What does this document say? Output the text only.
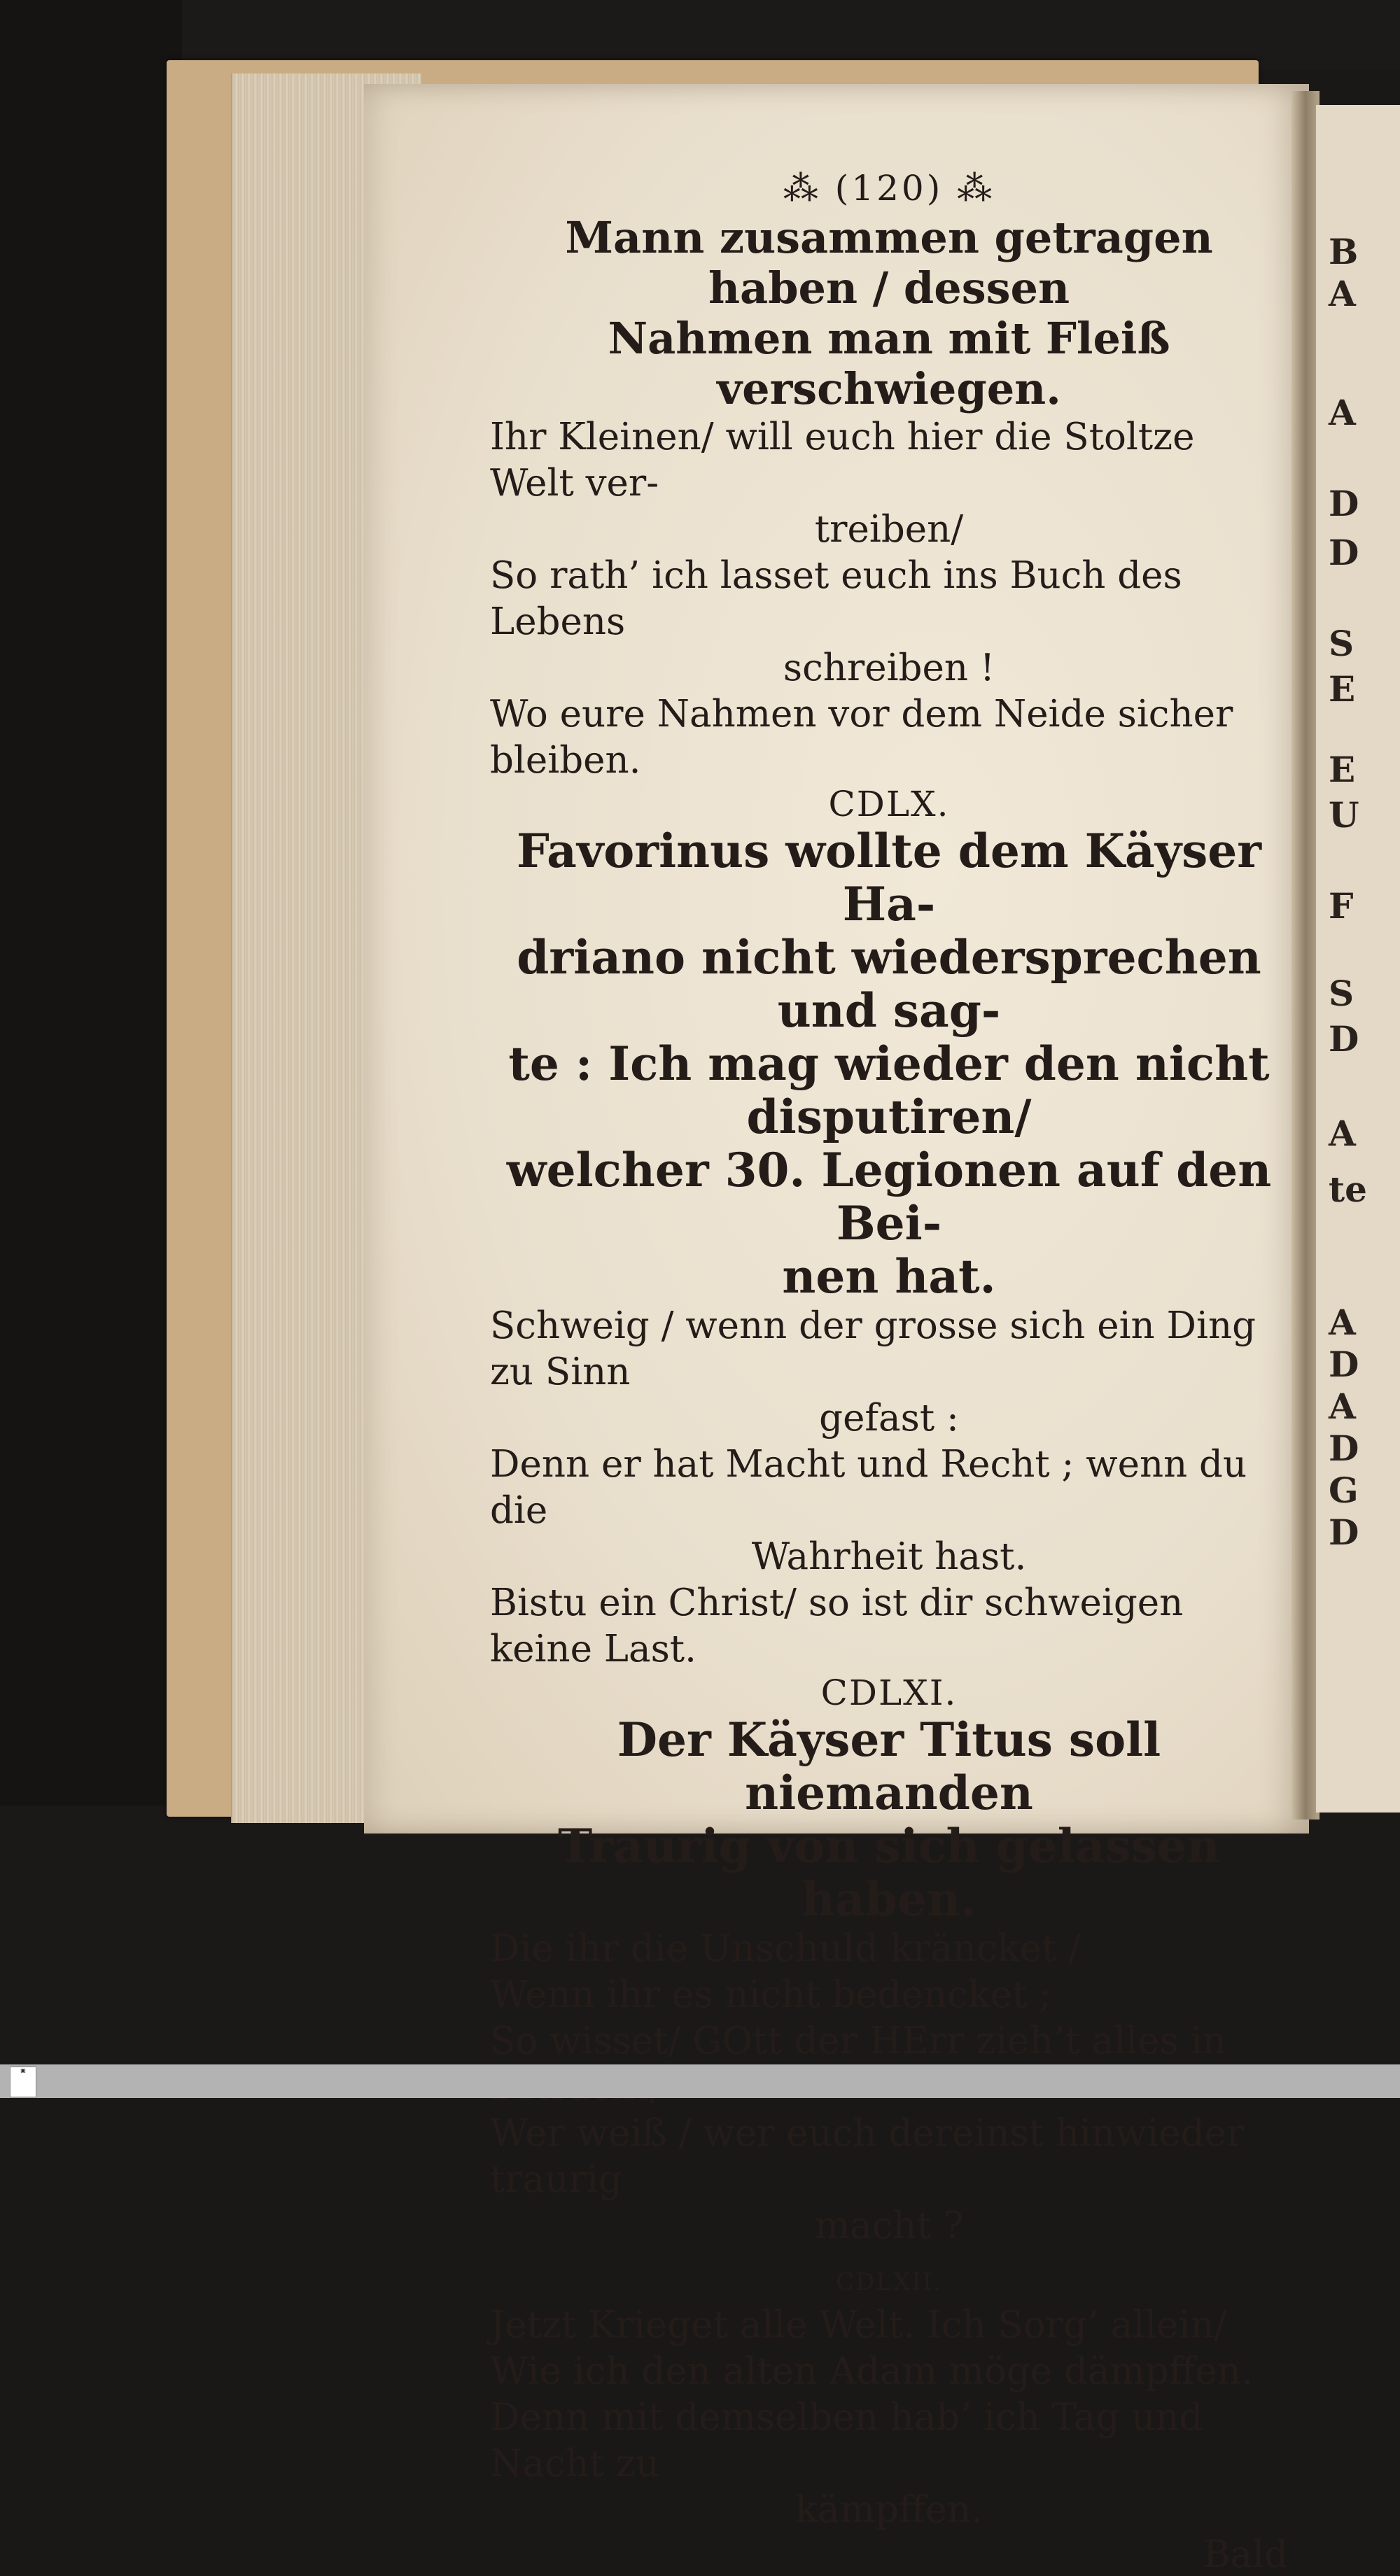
B
A
A
D
D
S
E
E
U
F
S
D
A
te
A
D
A
D
G
D
⁂ (120) ⁂
Mann zusammen getragen haben / dessen
Nahmen man mit Fleiß verschwiegen.
Ihr Kleinen/ will euch hier die Stoltze Welt ver-
treiben/
So rath’ ich lasset euch ins Buch des Lebens
schreiben !
Wo eure Nahmen vor dem Neide sicher bleiben.
CDLX.
Favorinus wollte dem Käyser Ha-
driano nicht wiedersprechen und sag-
te : Ich mag wieder den nicht disputiren/
welcher 30. Legionen auf den Bei-
nen hat.
Schweig / wenn der grosse sich ein Ding zu Sinn
gefast :
Denn er hat Macht und Recht ; wenn du die
Wahrheit hast.
Bistu ein Christ/ so ist dir schweigen keine Last.
CDLXI.
Der Käyser Titus soll niemanden
Traurig von sich gelassen haben.
Die ihr die Unschuld kräncket /
Wenn ihr es nicht bedencket ;
So wisset/ GOtt der HErr zieh’t alles in
Wer weiß / wer euch dereinst hinwieder traurig
macht ?
CDLXII.
Jetzt Krieget alle Welt. Ich Sorg’ allein/
Wie ich den alten Adam möge dämpffen.
Denn mit demselben hab’ ich Tag und Nacht zu
kämpffen.
Bald
▣
